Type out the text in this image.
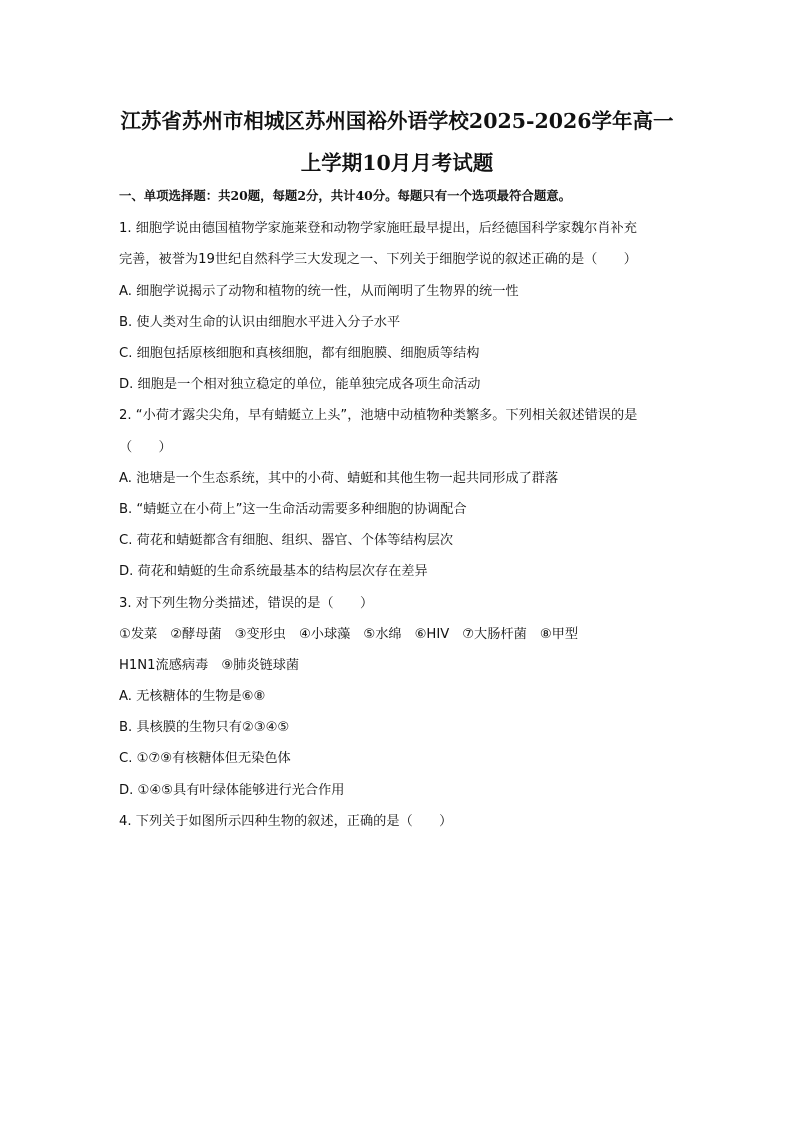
江苏省苏州市相城区苏州国裕外语学校2025-2026学年高一
上学期10月月考试题
一、单项选择题：共20题，每题2分，共计40分。每题只有一个选项最符合题意。
1. 细胞学说由德国植物学家施莱登和动物学家施旺最早提出，后经德国科学家魏尔肖补充
完善，被誉为19世纪自然科学三大发现之一、下列关于细胞学说的叙述正确的是（　　）
A. 细胞学说揭示了动物和植物的统一性，从而阐明了生物界的统一性
B. 使人类对生命的认识由细胞水平进入分子水平
C. 细胞包括原核细胞和真核细胞，都有细胞膜、细胞质等结构
D. 细胞是一个相对独立稳定的单位，能单独完成各项生命活动
2. “小荷才露尖尖角，早有蜻蜓立上头”，池塘中动植物种类繁多。下列相关叙述错误的是
（　　）
A. 池塘是一个生态系统，其中的小荷、蜻蜓和其他生物一起共同形成了群落
B. “蜻蜓立在小荷上”这一生命活动需要多种细胞的协调配合
C. 荷花和蜻蜓都含有细胞、组织、器官、个体等结构层次
D. 荷花和蜻蜓的生命系统最基本的结构层次存在差异
3. 对下列生物分类描述，错误的是（　　）
①发菜 ②酵母菌 ③变形虫 ④小球藻 ⑤水绵 ⑥HIV ⑦大肠杆菌 ⑧甲型
H1N1流感病毒 ⑨肺炎链球菌
A. 无核糖体的生物是⑥⑧
B. 具核膜的生物只有②③④⑤
C. ①⑦⑨有核糖体但无染色体
D. ①④⑤具有叶绿体能够进行光合作用
4. 下列关于如图所示四种生物的叙述，正确的是（　　）
